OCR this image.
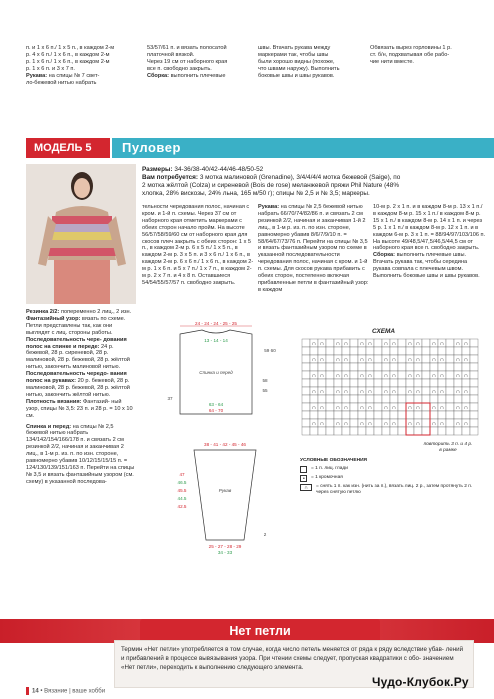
п. и 1 х 6 п./ 1 х 5 п., в каждом 2-м
р. 4 х 6 п./ 1 х 6 п., в каждом 2-м
р. 1 х 6 п./ 1 х 6 п., в каждом 2-м
р. 1 х 6 п. и 3 х 7 п.
Рукава: на спицы № 7 свет-
ло-бежевой нитью набрать
53/57/61 п. и вязать полосатой
платочной вязкой.
Через 19 см от наборного края
все п. свободно закрыть.
Сборка: выполнить плечевые
швы. Втачать рукава между
маркерами так, чтобы швы
были хорошо видны (похоже,
что швами наружу). Выполнить
боковые швы и швы рукавов.
Обвязать вырез горловины 1 р.
ст. б/н, подхватывая обе рабо-
чие нити вместе.
МОДЕЛЬ 5	Пуловер
Размеры: 34-36/38-40/42-44/46-48/50-52
Вам потребуется: 3 мотка малиновой (Grenadine), 3/4/4/4/4 мотка бежевой (Saige), по
2 мотка жёлтой (Colza) и сиреневой (Bois de rose) меланжевой пряжи Phil Nature (48%
хлопка, 28% вискозы, 24% льна, 165 м/50 г); спицы № 2,5 и № 3,5; маркеры.

Резинка 2/2: попеременно 2 лиц., 2 изн.

Фантазийный узор: вязать по схеме. Петли представлены так, как они выглядят с лиц. стороны работы.

Последовательность чере- дования полос на спинке и переде: 24 р. бежевой, 28 р. сиреневой, 28 р. малиновой, 28 р. бежевой, 28 р. жёлтой нитью, закончить малиновой нитью.

Последовательность чередо- вания полос на рукавах: 20 р. бежевой, 28 р. малиновой, 28 р. бежевой, 28 р. жёлтой нитью, закончить жёлтой нитью.

Плотность вязания: Фантазий- ный узор, спицы № 3,5: 23 п. и 28 р. = 10 х 10 см.

Спинка и перед: на спицы № 2,5 бежевой нитью набрать 134/142/154/166/178 п. и связать 2 см резинкой 2/2, начиная и заканчивая 2 лиц., в 1-м р. из. п. по изн. стороне, равномерно убавив 10/12/15/15/15 п. = 124/130/139/151/163 п. Перейти на спицы № 3,5 и вязать фантазийным узором (см. схему) в указанной последова-

тельности чередования полос, начиная с кром. и 1-й п. схемы. Через 37 см от наборного края отметить маркерами с обеих сторон начало пройм. На высоте 56/57/58/59/60 см от наборного края для скосов плеч закрыть с обеих сторон: 1 х 5 п., в каждом 2-м р. 6 х 5 п./ 1 х 5 п., в каждом 2-м р. 3 х 5 п. и 3 х 6 п./ 1 х 6 п., в каждом 2-м р. 6 х 6 п./ 1 х 6 п., в каждом 2-м р. 1 х 6 п. и 5 х 7 п./ 1 х 7 п., в каждом 2-м р. 2 х 7 п. и 4 х 8 п. Оставшиеся 54/54/55/57/57 п. свободно закрыть.

Рукава: на спицы № 2,5 бежевой нитью набрать 66/70/74/82/86 п. и связать 2 см резинкой 2/2, начиная и заканчивая 1-й 2 лиц., в 1-м р. из. п. по изн. стороне, равномерно убавив 8/6/7/9/10 п. = 58/64/67/73/76 п. Перейти на спицы № 3,5 и вязать фантазийным узором по схеме в указанной последовательности чередования полос, начиная с кром. и 1-й п. схемы. Для скосов рукава прибавить с обеих сторон, постепенно включая прибавленные петли в фантазийный узор: в каждом

10-м р. 2 х 1 п. и в каждом 8-м р. 13 х 1 п./ в каждом 8-м р. 15 х 1 п./ в каждом 8-м р. 15 х 1 п./ в каждом 8-м р. 14 х 1 п. и через 5 р. 1 х 1 п./ в каждом 8-м р. 12 х 1 п. и в каждом 6-м р. 3 х 1 п. = 88/94/97/103/106 п. На высоте 49/48,5/47,5/46,5/44,5 см от наборного края все п. свободно закрыть.

Сборка: выполнить плечевые швы. Втачать рукава так, чтобы середина рукава совпала с плечевым швом. Выполнить боковые швы и швы рукавов.

24 - 24 - 24 - 25 - 25
13 - 14 - 14
Спинка и перед
63 - 64
64 - 70
37
59 60
58
55
38 - 41 - 42 - 45 - 46
Рукав
25 - 27 - 28 - 29
34 - 33
47
46.5
45.5
44.5
42.5
2
СХЕМА
∩ ∩ ∩ ∩ ∩ ∩ ∩ ∩ ∩ ∩ ∩ ∩ ∩ ∩
∩ ∩ ∩ ∩ ∩ ∩ ∩ ∩ ∩ ∩ ∩ ∩ ∩ ∩
∩ ∩ ∩ ∩ ∩ ∩ ∩ ∩ ∩ ∩ ∩ ∩ ∩ ∩
∩ ∩ ∩ ∩ ∩ ∩ ∩ ∩ ∩ ∩ ∩ ∩ ∩ ∩
∩ ∩ ∩ ∩ ∩ ∩ ∩ ∩ ∩ ∩ ∩ ∩ ∩ ∩
∩ ∩ ∩ ∩ ∩ ∩ ∩ ∩ ∩ ∩ ∩ ∩ ∩ ∩
повторить 3 п. и 4 р.
в рамке
УСЛОВНЫЕ ОБОЗНАЧЕНИЯ
= 1 п. лиц. глади
• = 1 кромочная
∩	= снять 1 п. как изн. (нить за п.), вязать лиц. 2 р., затем протянуть 2 п. через снятую петлю
Нет петли
Термин «Нет петли» употребляется в том случае, когда число петель меняется от ряда к ряду вследствие убав- лений и прибавлений в процессе вывязывания узора. При чтении схемы следует, пропуская квадратики с обо- значением «Нет петли», переходить к выполнению следующего элемента.
14 • Вязание | ваше хобби
Чудо-Клубок.Ру
